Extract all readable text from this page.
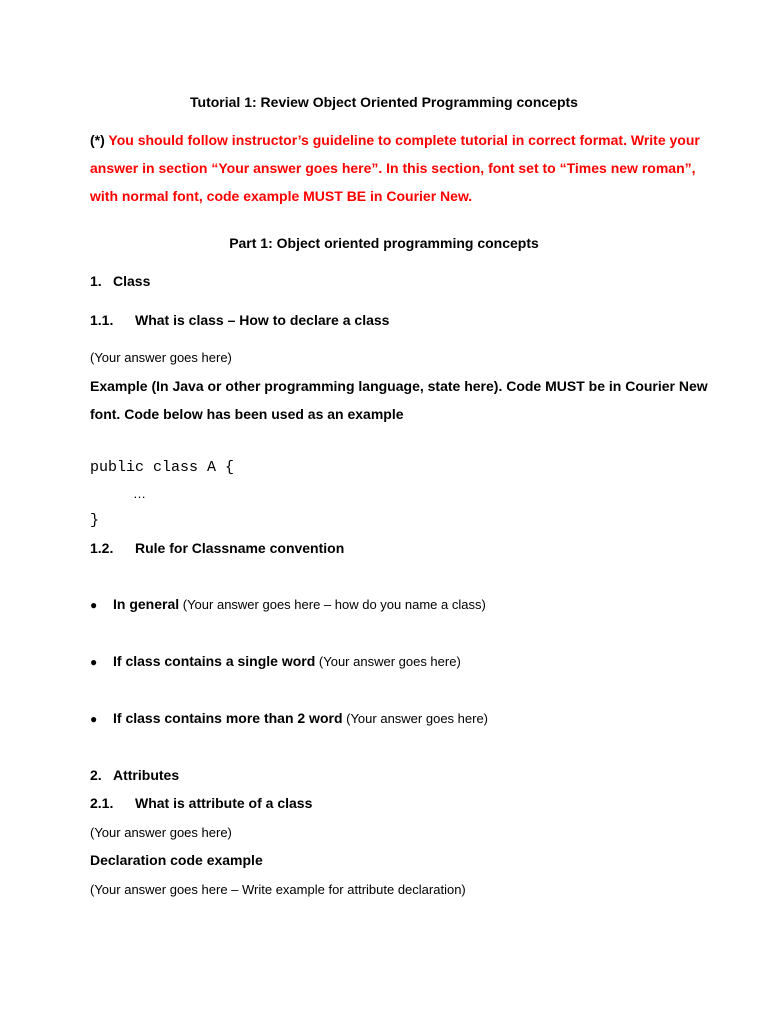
Tutorial 1: Review Object Oriented Programming concepts
(*) You should follow instructor’s guideline to complete tutorial in correct format. Write your
answer in section “Your answer goes here”. In this section, font set to “Times new roman”,
with normal font, code example MUST BE in Courier New.
Part 1: Object oriented programming concepts
1. Class
1.1. What is class – How to declare a class
(Your answer goes here)
Example (In Java or other programming language, state here). Code MUST be in Courier New
font. Code below has been used as an example
public class A {
…
}
1.2. Rule for Classname convention
● In general (Your answer goes here – how do you name a class)
● If class contains a single word (Your answer goes here)
● If class contains more than 2 word (Your answer goes here)
2. Attributes
2.1. What is attribute of a class
(Your answer goes here)
Declaration code example
(Your answer goes here – Write example for attribute declaration)
